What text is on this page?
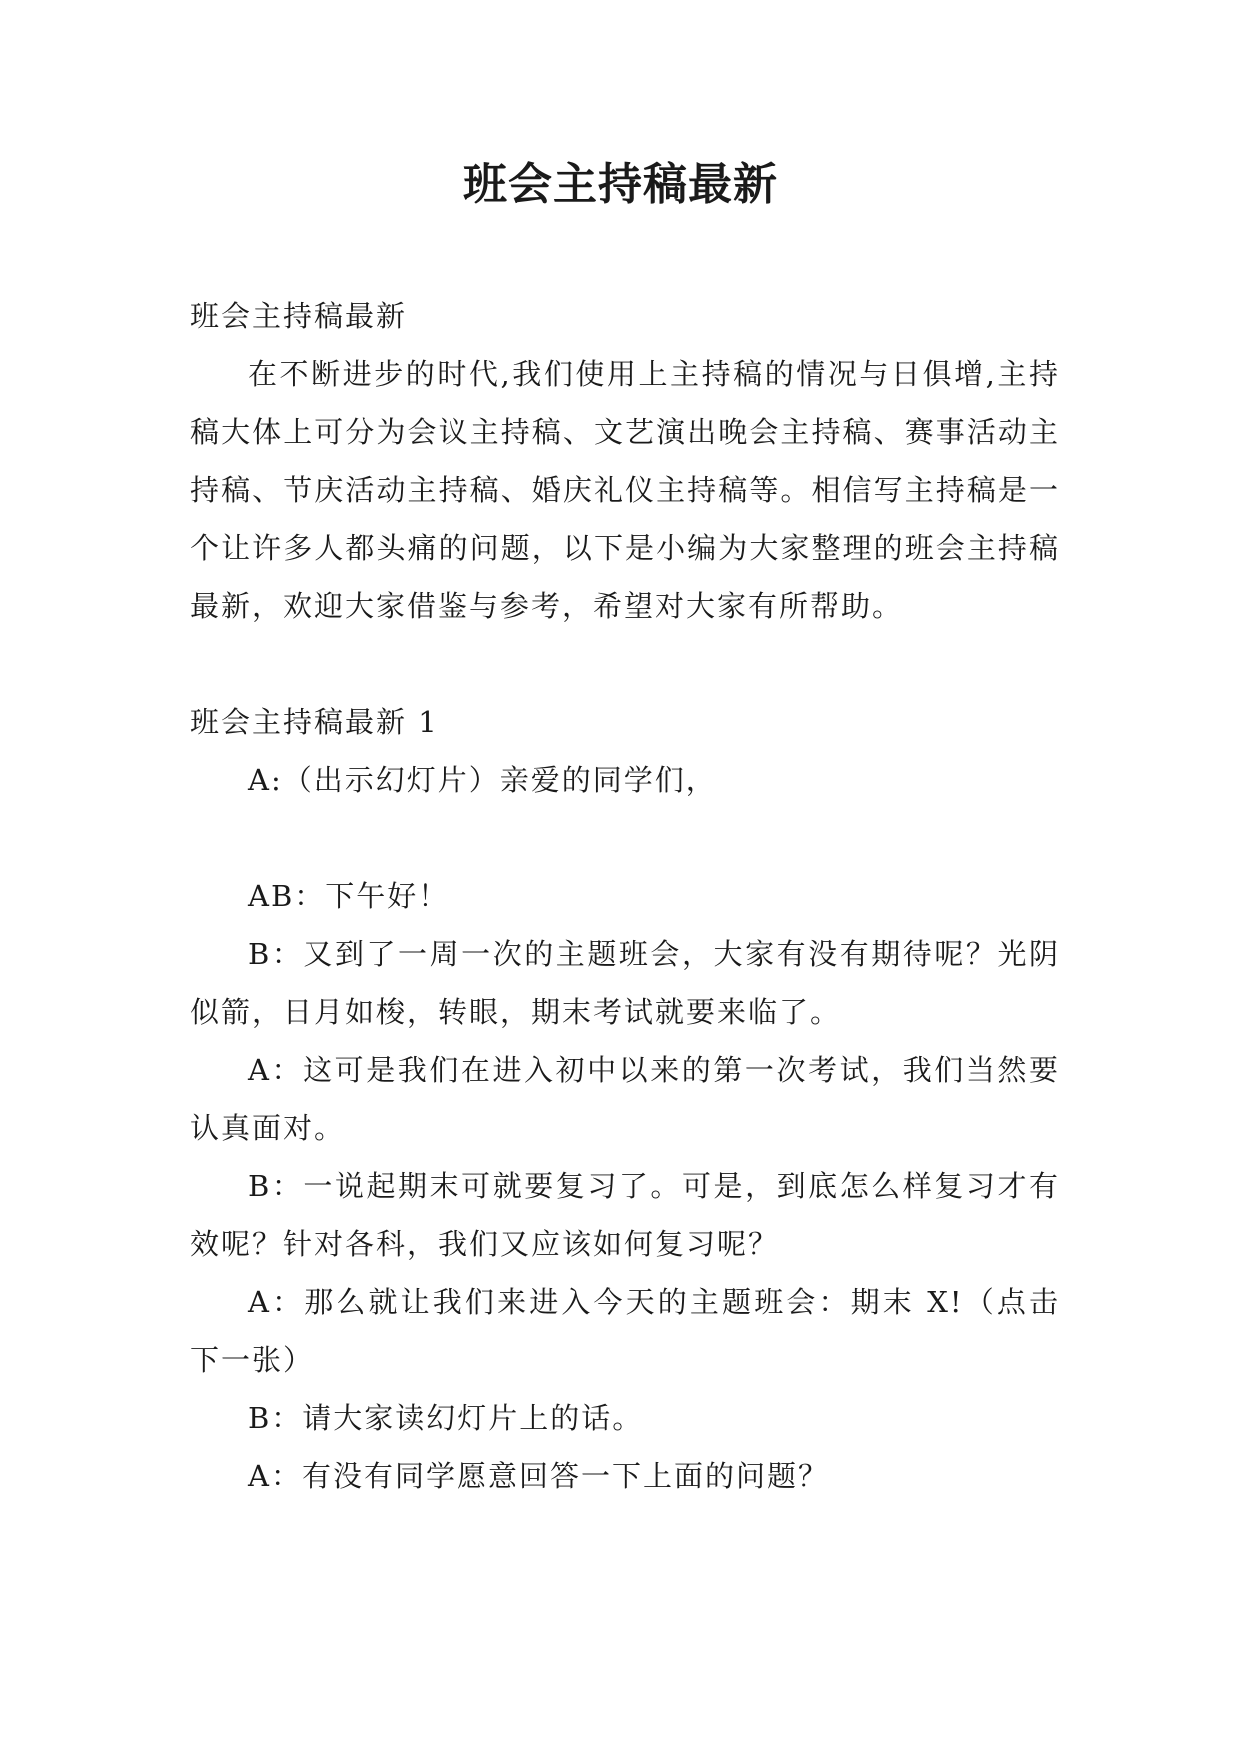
班会主持稿最新

班会主持稿最新

在不断进步的时代,我们使用上主持稿的情况与日俱增,主持稿大体上可分为会议主持稿、文艺演出晚会主持稿、赛事活动主持稿、节庆活动主持稿、婚庆礼仪主持稿等。相信写主持稿是一个让许多人都头痛的问题，以下是小编为大家整理的班会主持稿最新，欢迎大家借鉴与参考，希望对大家有所帮助。

班会主持稿最新 1

A:（出示幻灯片）亲爱的同学们，

AB：下午好！

B：又到了一周一次的主题班会，大家有没有期待呢？光阴似箭，日月如梭，转眼，期末考试就要来临了。

A：这可是我们在进入初中以来的第一次考试，我们当然要认真面对。

B：一说起期末可就要复习了。可是，到底怎么样复习才有效呢？针对各科，我们又应该如何复习呢？

A：那么就让我们来进入今天的主题班会：期末 X!（点击下一张）

B：请大家读幻灯片上的话。

A：有没有同学愿意回答一下上面的问题？
